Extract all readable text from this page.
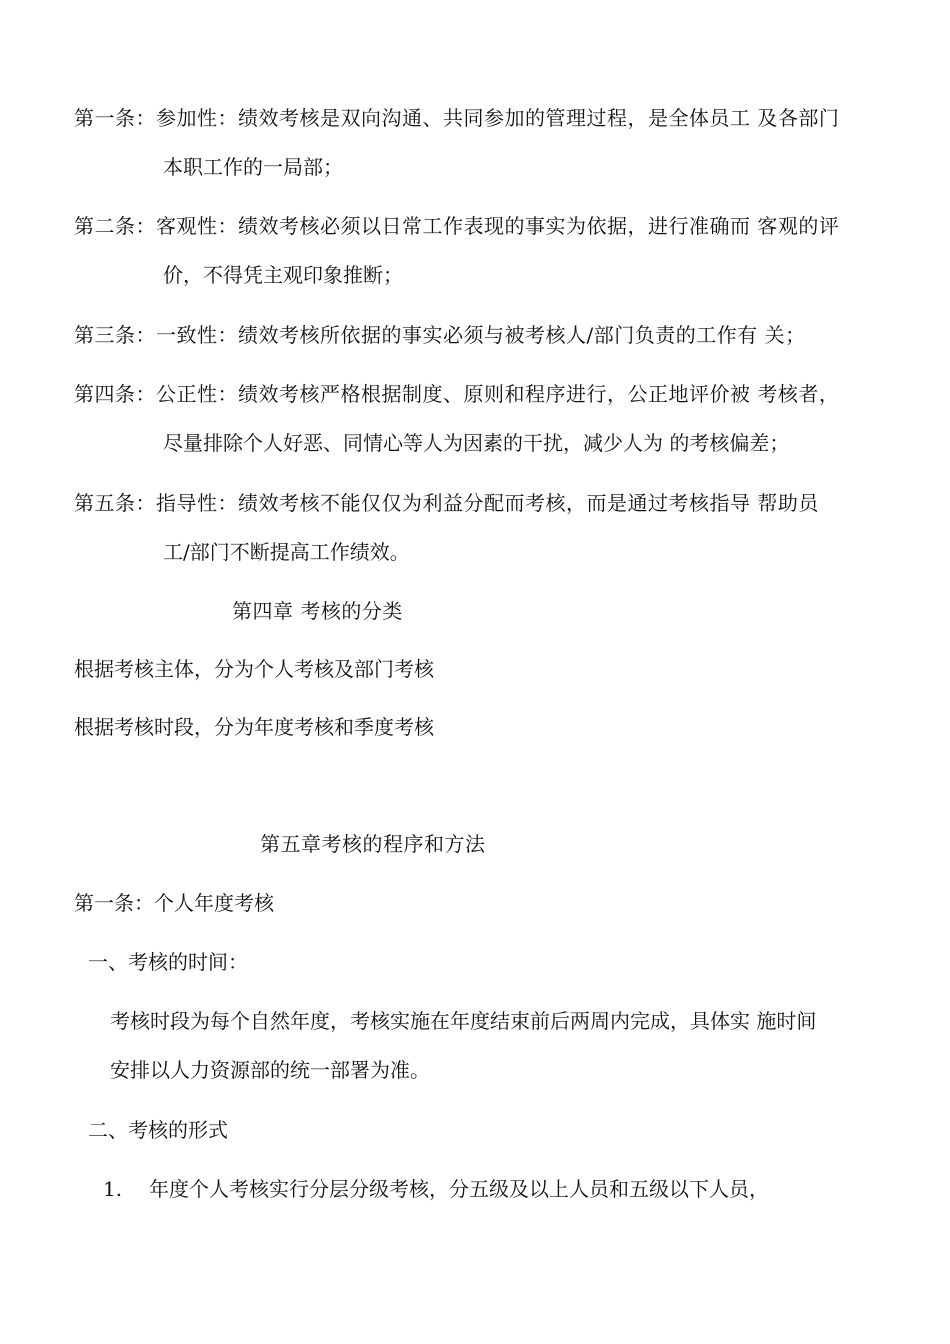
第一条：参加性：绩效考核是双向沟通、共同参加的管理过程，是全体员工 及各部门
本职工作的一局部；
第二条：客观性：绩效考核必须以日常工作表现的事实为依据，进行准确而 客观的评
价，不得凭主观印象推断；
第三条：一致性：绩效考核所依据的事实必须与被考核人/部门负责的工作有 关；
第四条：公正性：绩效考核严格根据制度、原则和程序进行，公正地评价被 考核者，
尽量排除个人好恶、同情心等人为因素的干扰，减少人为 的考核偏差；
第五条：指导性：绩效考核不能仅仅为利益分配而考核，而是通过考核指导 帮助员
工/部门不断提高工作绩效。
第四章 考核的分类
根据考核主体，分为个人考核及部门考核
根据考核时段，分为年度考核和季度考核
第五章考核的程序和方法
第一条：个人年度考核
一、考核的时间：
考核时段为每个自然年度，考核实施在年度结束前后两周内完成，具体实 施时间
安排以人力资源部的统一部署为准。
二、考核的形式
1. 年度个人考核实行分层分级考核，分五级及以上人员和五级以下人员，
